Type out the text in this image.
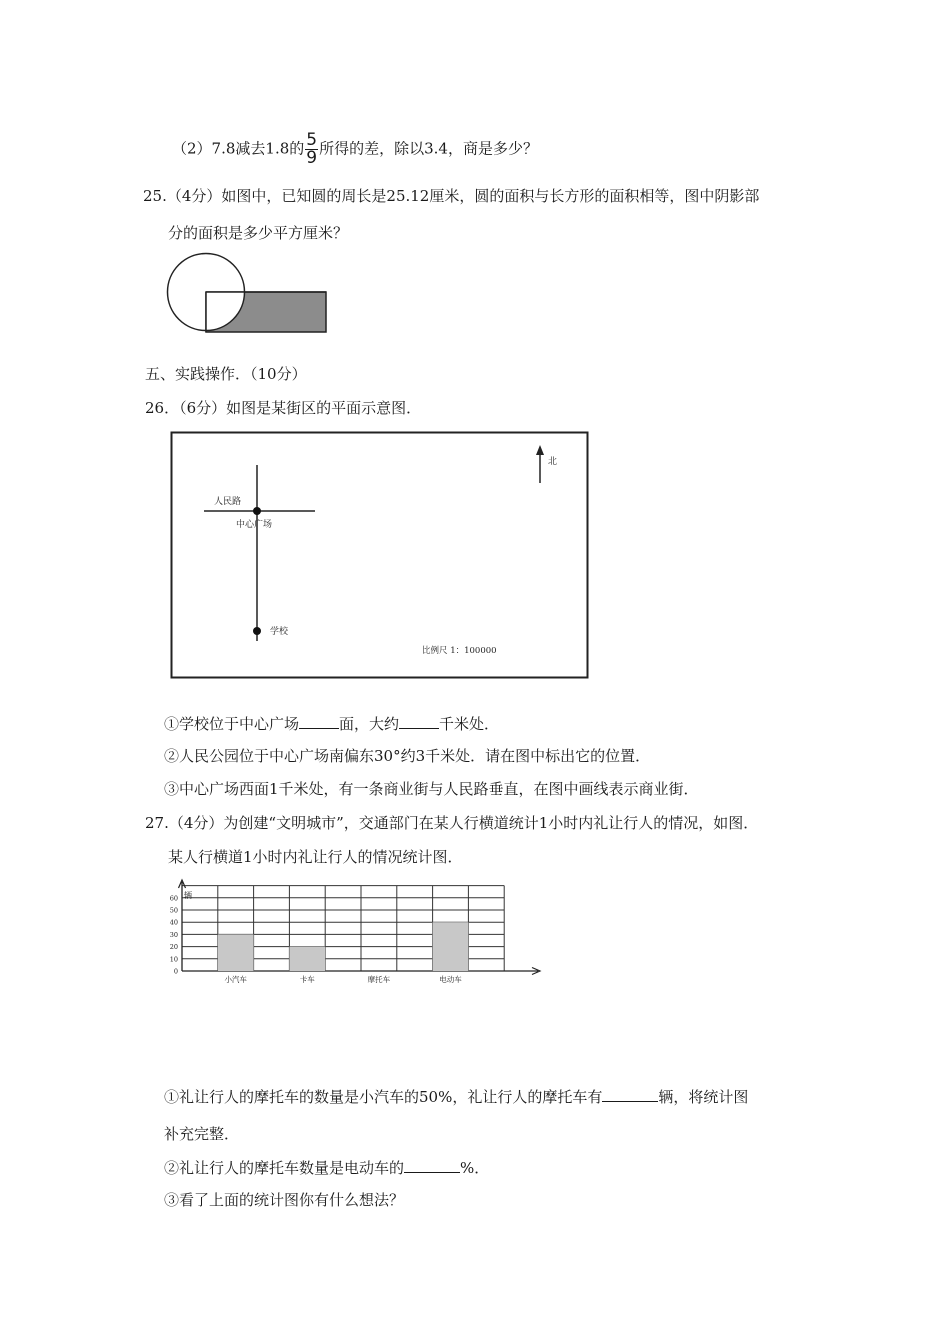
（2）7.8减去1.8的 $\frac{5}{9}$ 所得的差，除以3.4，商是多少？
25.（4分）如图中，已知圆的周长是25.12厘米，圆的面积与长方形的面积相等，图中阴影部
分的面积是多少平方厘米？
五、实践操作．（10分）
26．（6分）如图是某街区的平面示意图．
北
人民路
中心广场
学校
比例尺 1：100000
①学校位于中心广场	面，大约	千米处．
②人民公园位于中心广场南偏东30°约3千米处．请在图中标出它的位置．
③中心广场西面1千米处，有一条商业街与人民路垂直，在图中画线表示商业街．
27.（4分）为创建“文明城市”，交通部门在某人行横道统计1小时内礼让行人的情况，如图．
某人行横道1小时内礼让行人的情况统计图．
0
10
20
30
40
50
60
小汽车	卡车	摩托车	电动车
辆
①礼让行人的摩托车的数量是小汽车的50%，礼让行人的摩托车有	辆，将统计图
补充完整．
②礼让行人的摩托车数量是电动车的	%．
③看了上面的统计图你有什么想法？
